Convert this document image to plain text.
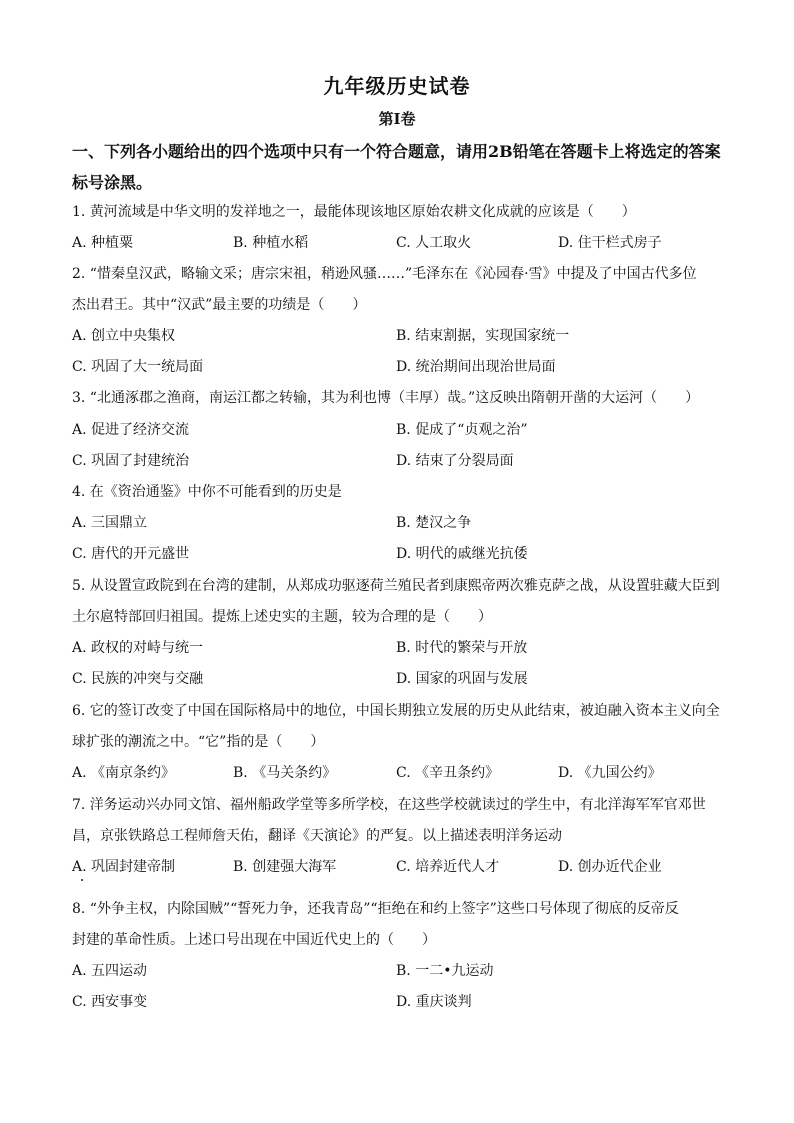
九年级历史试卷
第Ⅰ卷
一、下列各小题给出的四个选项中只有一个符合题意，请用2B铅笔在答题卡上将选定的答案标号涂黑。
1. 黄河流域是中华文明的发祥地之一，最能体现该地区原始农耕文化成就的应该是（　　）
A. 种植粟	B. 种植水稻	C. 人工取火	D. 住干栏式房子
2. “惜秦皇汉武，略输文采；唐宗宋祖，稍逊风骚……”毛泽东在《沁园春·雪》中提及了中国古代多位
杰出君王。其中“汉武”最主要的功绩是（　　）
A. 创立中央集权	B. 结束割据，实现国家统一
C. 巩固了大一统局面	D. 统治期间出现治世局面
3. “北通涿郡之渔商，南运江都之转输，其为利也博（丰厚）哉。”这反映出隋朝开凿的大运河（　　）
A. 促进了经济交流	B. 促成了“贞观之治”
C. 巩固了封建统治	D. 结束了分裂局面
4. 在《资治通鉴》中你不可能看到的历史是
A. 三国鼎立	B. 楚汉之争
C. 唐代的开元盛世	D. 明代的戚继光抗倭
5. 从设置宣政院到在台湾的建制，从郑成功驱逐荷兰殖民者到康熙帝两次雅克萨之战，从设置驻藏大臣到
土尔扈特部回归祖国。提炼上述史实的主题，较为合理的是（　　）
A. 政权的对峙与统一	B. 时代的繁荣与开放
C. 民族的冲突与交融	D. 国家的巩固与发展
6. 它的签订改变了中国在国际格局中的地位，中国长期独立发展的历史从此结束，被迫融入资本主义向全
球扩张的潮流之中。“它”指的是（　　）
A. 《南京条约》	B. 《马关条约》	C. 《辛丑条约》	D. 《九国公约》
7. 洋务运动兴办同文馆、福州船政学堂等多所学校，在这些学校就读过的学生中，有北洋海军军官邓世
昌，京张铁路总工程师詹天佑，翻译《天演论》的严复。以上描述表明洋务运动
A. 巩固封建帝制	B. 创建强大海军	C. 培养近代人才	D. 创办近代企业
8. “外争主权，内除国贼”“誓死力争，还我青岛”“拒绝在和约上签字”这些口号体现了彻底的反帝反
封建的革命性质。上述口号出现在中国近代史上的（　　）
A. 五四运动	B. 一二•九运动
C. 西安事变	D. 重庆谈判
